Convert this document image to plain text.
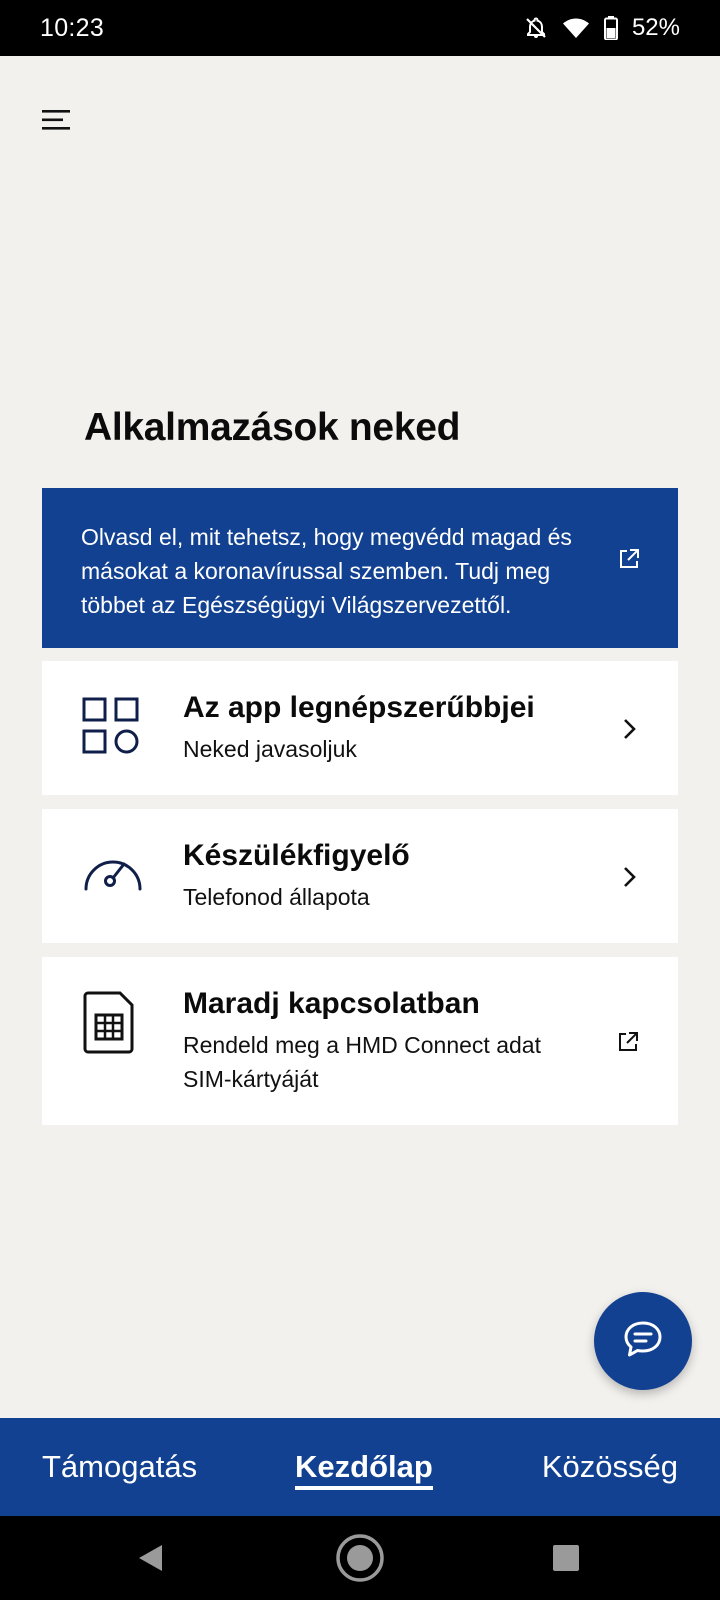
10:23	52%
Alkalmazások neked
Olvasd el, mit tehetsz, hogy megvédd magad és másokat a koronavírussal szemben. Tudj meg többet az Egészségügyi Világszervezettől.
Az app legnépszerűbbjei
Neked javasoljuk
Készülékfigyelő
Telefonod állapota
Maradj kapcsolatban
Rendeld meg a HMD Connect adat SIM-kártyáját
Támogatás	Kezdőlap	Közösség
